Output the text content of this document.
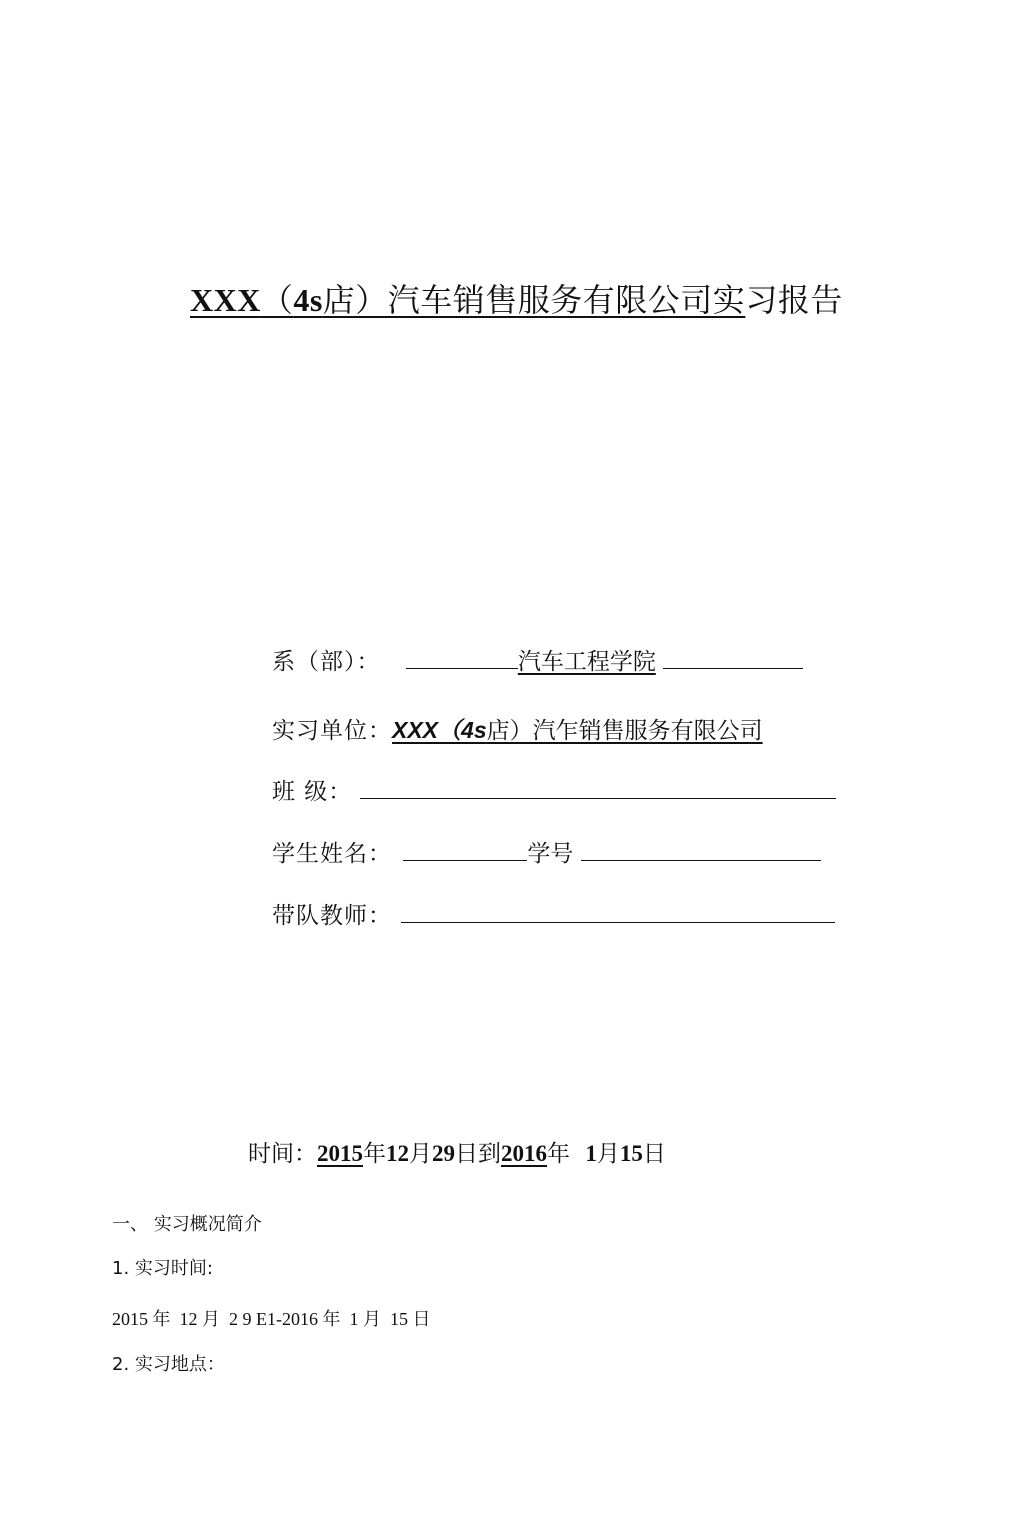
XXX（4s店）汽车销售服务有限公司实习报告
系（部）：	汽车工程学院
实习单位：XXX（4s店）汽乍销售服务有限公司
班 级：
学生姓名：	学号
带队教师：
时间：2015年12月29日到2016年 1月15日
一、 实习概况简介
1. 实习时间:
2015 年  12 月  2 9 E1-2016 年  1 月  15 日
2. 实习地点：
